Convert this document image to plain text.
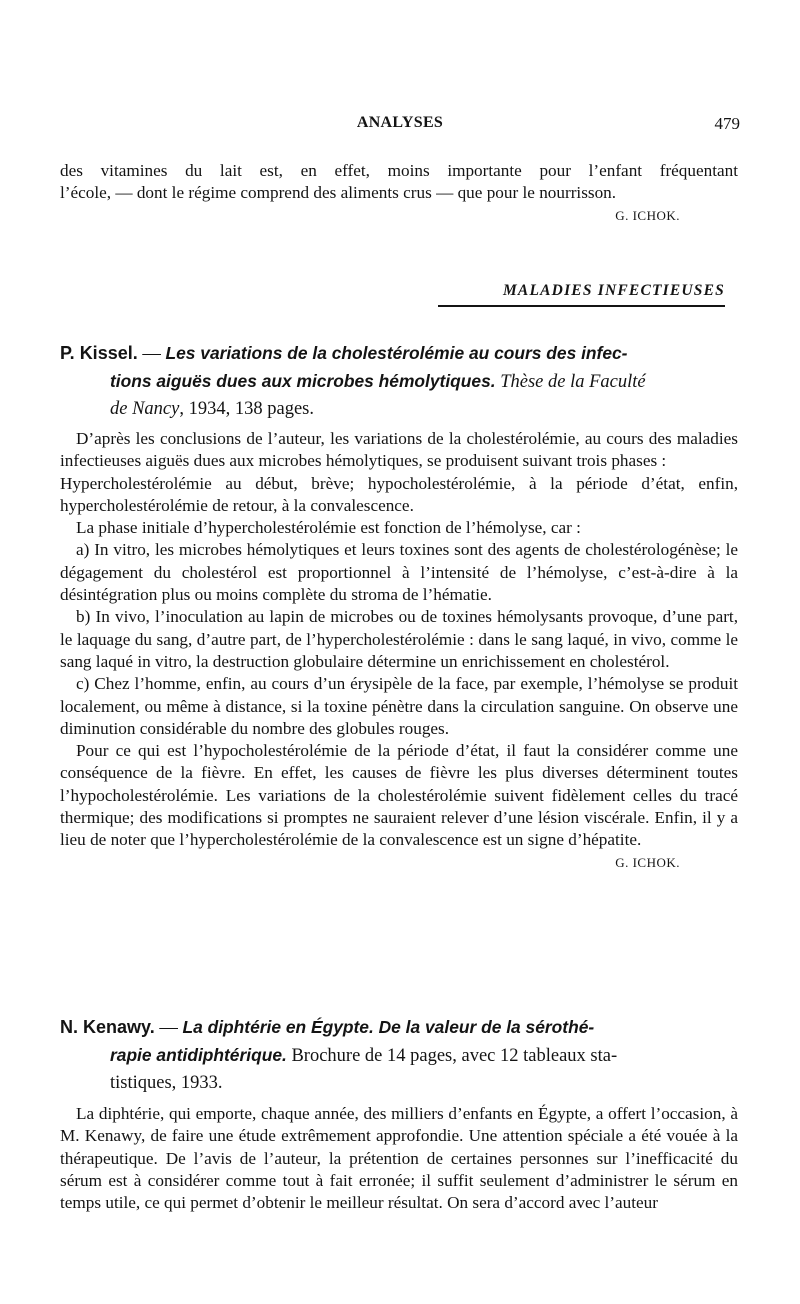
ANALYSES	479
des vitamines du lait est, en effet, moins importante pour l’enfant fréquentant
l’école, — dont le régime comprend des aliments crus — que pour le nourrisson.
G. ICHOK.
MALADIES INFECTIEUSES
P. Kissel. — Les variations de la cholestérolémie au cours des infec-
tions aiguës dues aux microbes hémolytiques. Thèse de la Faculté
de Nancy, 1934, 138 pages.

D’après les conclusions de l’auteur, les variations de la cholestérolémie, au cours des maladies infectieuses aiguës dues aux microbes hémolytiques, se produisent suivant trois phases :

Hypercholestérolémie au début, brève; hypocholestérolémie, à la période d’état, enfin, hypercholestérolémie de retour, à la convalescence.

La phase initiale d’hypercholestérolémie est fonction de l’hémolyse, car :

a) In vitro, les microbes hémolytiques et leurs toxines sont des agents de cholestérologénèse; le dégagement du cholestérol est proportionnel à l’intensité de l’hémolyse, c’est-à-dire à la désintégration plus ou moins complète du stroma de l’hématie.

b) In vivo, l’inoculation au lapin de microbes ou de toxines hémolysants provoque, d’une part, le laquage du sang, d’autre part, de l’hypercholestérolémie : dans le sang laqué, in vivo, comme le sang laqué in vitro, la destruction globulaire détermine un enrichissement en cholestérol.

c) Chez l’homme, enfin, au cours d’un érysipèle de la face, par exemple, l’hémolyse se produit localement, ou même à distance, si la toxine pénètre dans la circulation sanguine. On observe une diminution considérable du nombre des globules rouges.

Pour ce qui est l’hypocholestérolémie de la période d’état, il faut la considérer comme une conséquence de la fièvre. En effet, les causes de fièvre les plus diverses déterminent toutes l’hypocholestérolémie. Les variations de la cholestérolémie suivent fidèlement celles du tracé thermique; des modifications si promptes ne sauraient relever d’une lésion viscérale. Enfin, il y a lieu de noter que l’hypercholestérolémie de la convalescence est un signe d’hépatite.

G. ICHOK.
N. Kenawy. — La diphtérie en Égypte. De la valeur de la sérothé-
rapie antidiphtérique. Brochure de 14 pages, avec 12 tableaux sta-
tistiques, 1933.

La diphtérie, qui emporte, chaque année, des milliers d’enfants en Égypte, a offert l’occasion, à M. Kenawy, de faire une étude extrêmement approfondie. Une attention spéciale a été vouée à la thérapeutique. De l’avis de l’auteur, la prétention de certaines personnes sur l’inefficacité du sérum est à considérer comme tout à fait erronée; il suffit seulement d’administrer le sérum en temps utile, ce qui permet d’obtenir le meilleur résultat. On sera d’accord avec l’auteur
